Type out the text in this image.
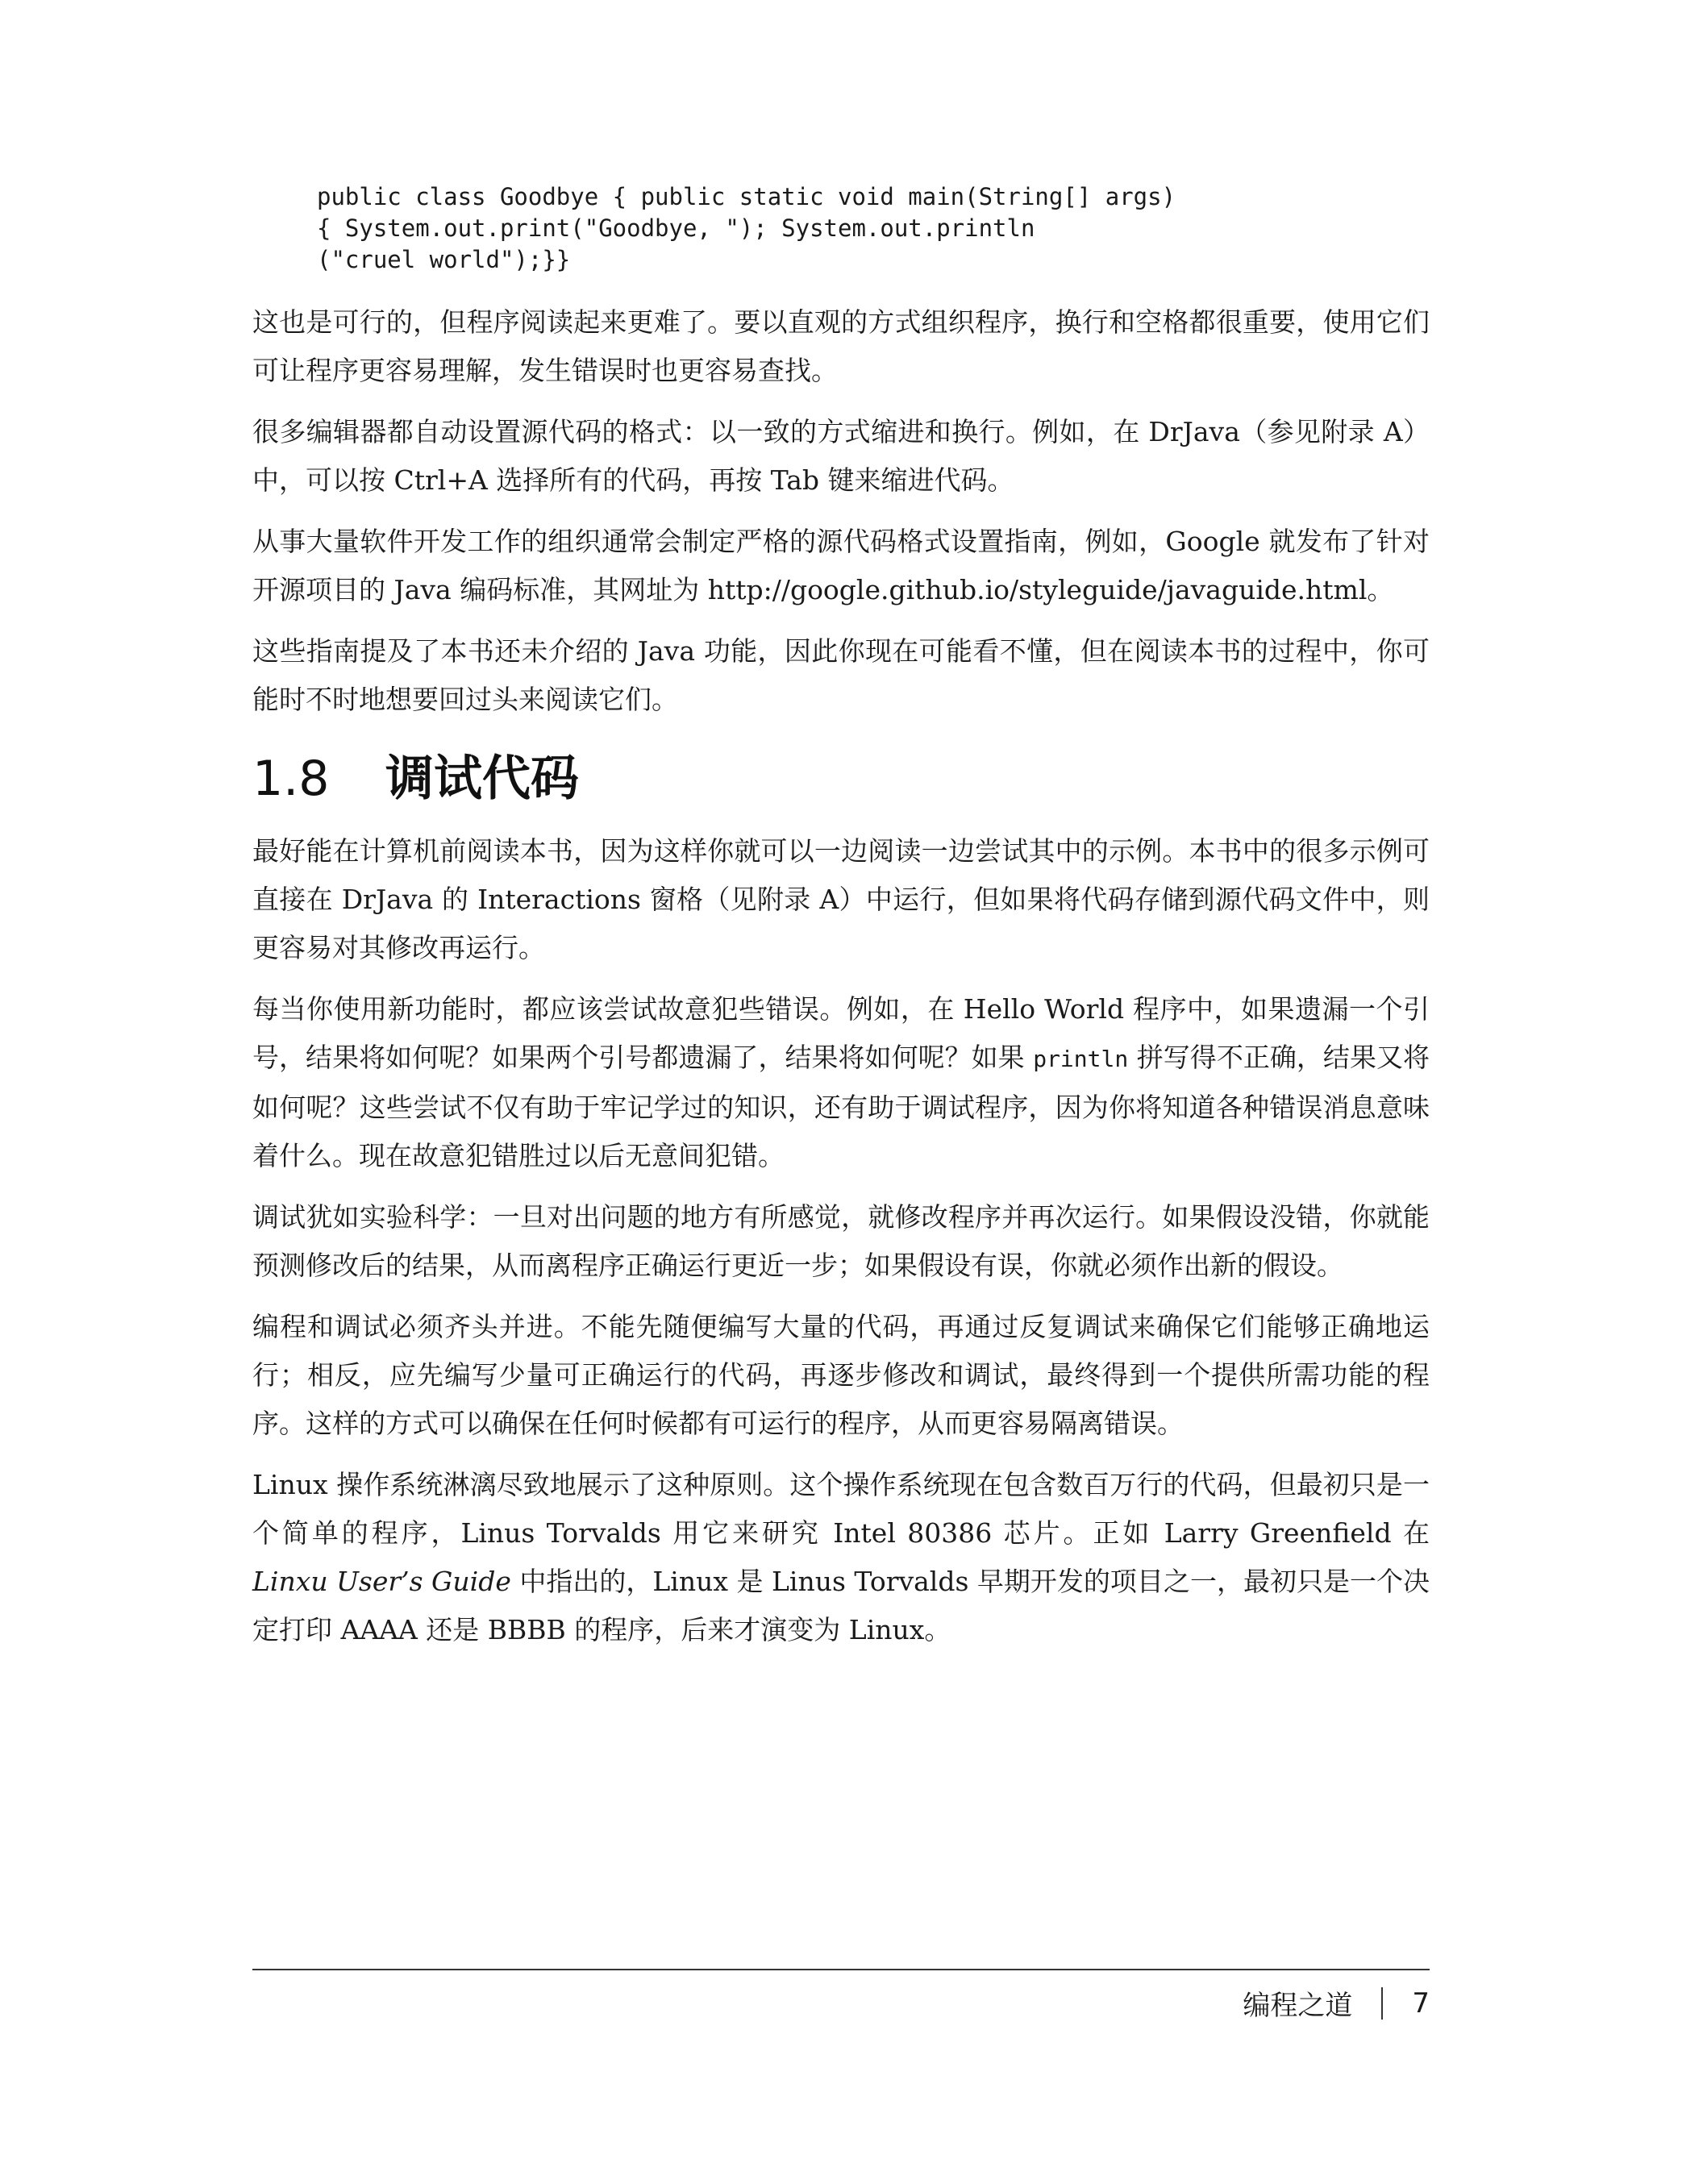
public class Goodbye { public static void main(String[] args)
{ System.out.print("Goodbye, "); System.out.println
("cruel world");}}

这也是可行的，但程序阅读起来更难了。要以直观的方式组织程序，换行和空格都很重要，使用它们可让程序更容易理解，发生错误时也更容易查找。

很多编辑器都自动设置源代码的格式：以一致的方式缩进和换行。例如，在 DrJava（参见附录 A）中，可以按 Ctrl+A 选择所有的代码，再按 Tab 键来缩进代码。

从事大量软件开发工作的组织通常会制定严格的源代码格式设置指南，例如，Google 就发布了针对开源项目的 Java 编码标准，其网址为 http://google.github.io/styleguide/javaguide.html。

这些指南提及了本书还未介绍的 Java 功能，因此你现在可能看不懂，但在阅读本书的过程中，你可能时不时地想要回过头来阅读它们。

1.8 调试代码

最好能在计算机前阅读本书，因为这样你就可以一边阅读一边尝试其中的示例。本书中的很多示例可直接在 DrJava 的 Interactions 窗格（见附录 A）中运行，但如果将代码存储到源代码文件中，则更容易对其修改再运行。

每当你使用新功能时，都应该尝试故意犯些错误。例如，在 Hello World 程序中，如果遗漏一个引号，结果将如何呢？如果两个引号都遗漏了，结果将如何呢？如果 println 拼写得不正确，结果又将如何呢？这些尝试不仅有助于牢记学过的知识，还有助于调试程序，因为你将知道各种错误消息意味着什么。现在故意犯错胜过以后无意间犯错。

调试犹如实验科学：一旦对出问题的地方有所感觉，就修改程序并再次运行。如果假设没错，你就能预测修改后的结果，从而离程序正确运行更近一步；如果假设有误，你就必须作出新的假设。

编程和调试必须齐头并进。不能先随便编写大量的代码，再通过反复调试来确保它们能够正确地运行；相反，应先编写少量可正确运行的代码，再逐步修改和调试，最终得到一个提供所需功能的程序。这样的方式可以确保在任何时候都有可运行的程序，从而更容易隔离错误。

Linux 操作系统淋漓尽致地展示了这种原则。这个操作系统现在包含数百万行的代码，但最初只是一个简单的程序，Linus Torvalds 用它来研究 Intel 80386 芯片。正如 Larry Greenfield 在 Linxu User’s Guide 中指出的，Linux 是 Linus Torvalds 早期开发的项目之一，最初只是一个决定打印 AAAA 还是 BBBB 的程序，后来才演变为 Linux。

编程之道 7
